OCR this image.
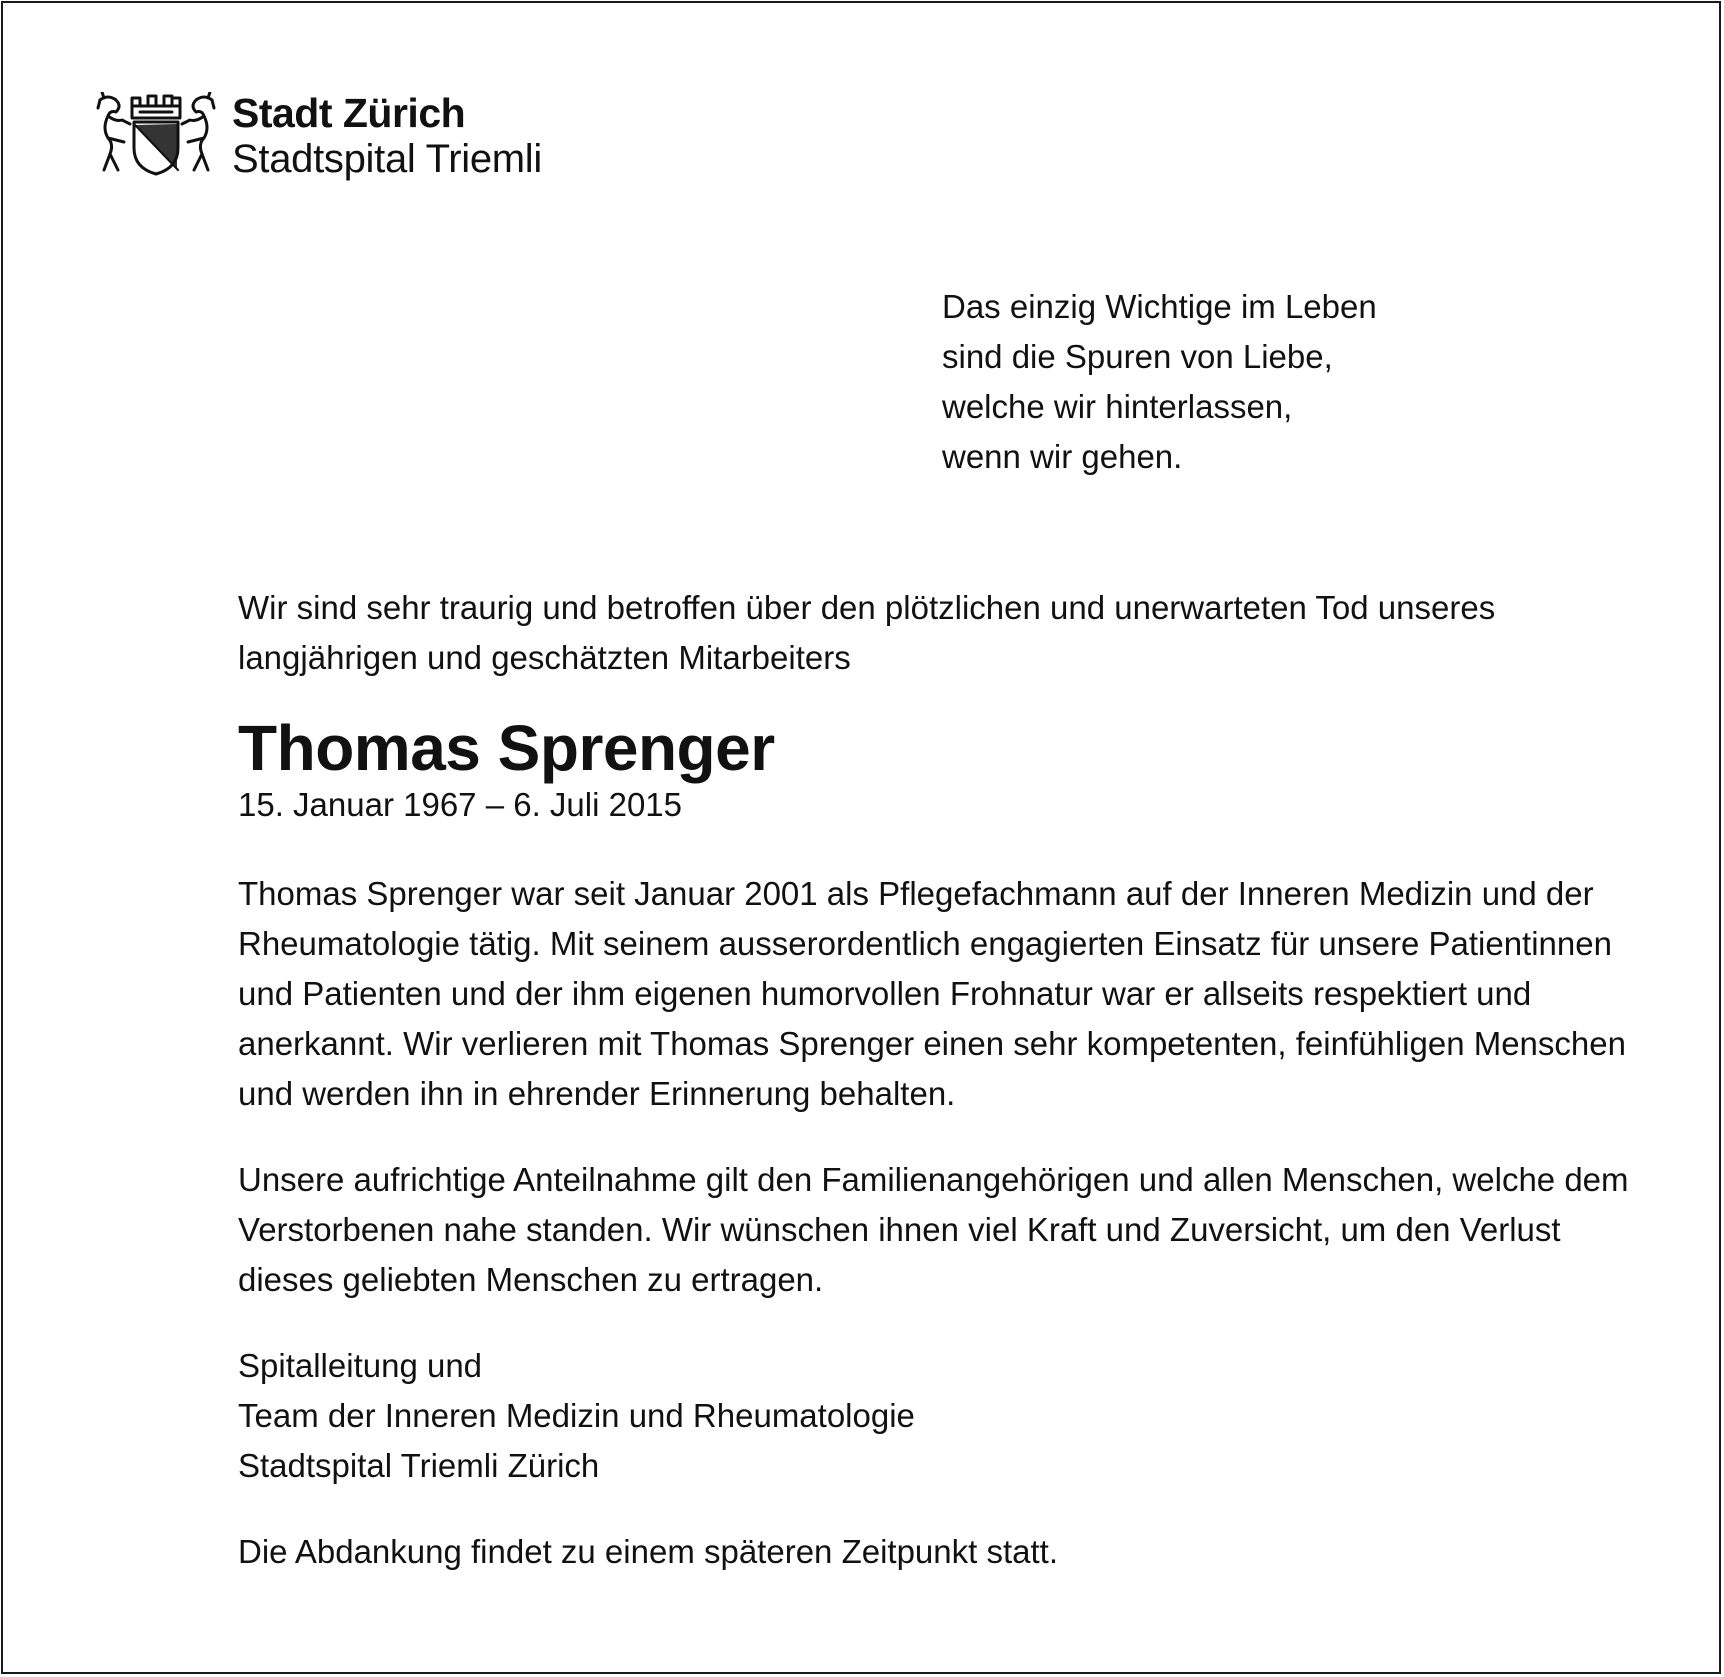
Stadt Zürich
Stadtspital Triemli
Das einzig Wichtige im Leben
sind die Spuren von Liebe,
welche wir hinterlassen,
wenn wir gehen.

Wir sind sehr traurig und betroffen über den plötzlichen und unerwarteten Tod unseres langjährigen und geschätzten Mitarbeiters

Thomas Sprenger
15. Januar 1967 – 6. Juli 2015
Thomas Sprenger war seit Januar 2001 als Pflegefachmann auf der Inneren Medizin und der Rheumatologie tätig. Mit seinem ausserordentlich engagierten Einsatz für unsere Patientinnen und Patienten und der ihm eigenen humorvollen Frohnatur war er allseits respektiert und anerkannt. Wir verlieren mit Thomas Sprenger einen sehr kompetenten, feinfühligen Menschen und werden ihn in ehrender Erinnerung behalten.
Unsere aufrichtige Anteilnahme gilt den Familienangehörigen und allen Menschen, welche dem Verstorbenen nahe standen. Wir wünschen ihnen viel Kraft und Zuversicht, um den Verlust dieses geliebten Menschen zu ertragen.
Spitalleitung und
Team der Inneren Medizin und Rheumatologie
Stadtspital Triemli Zürich
Die Abdankung findet zu einem späteren Zeitpunkt statt.
